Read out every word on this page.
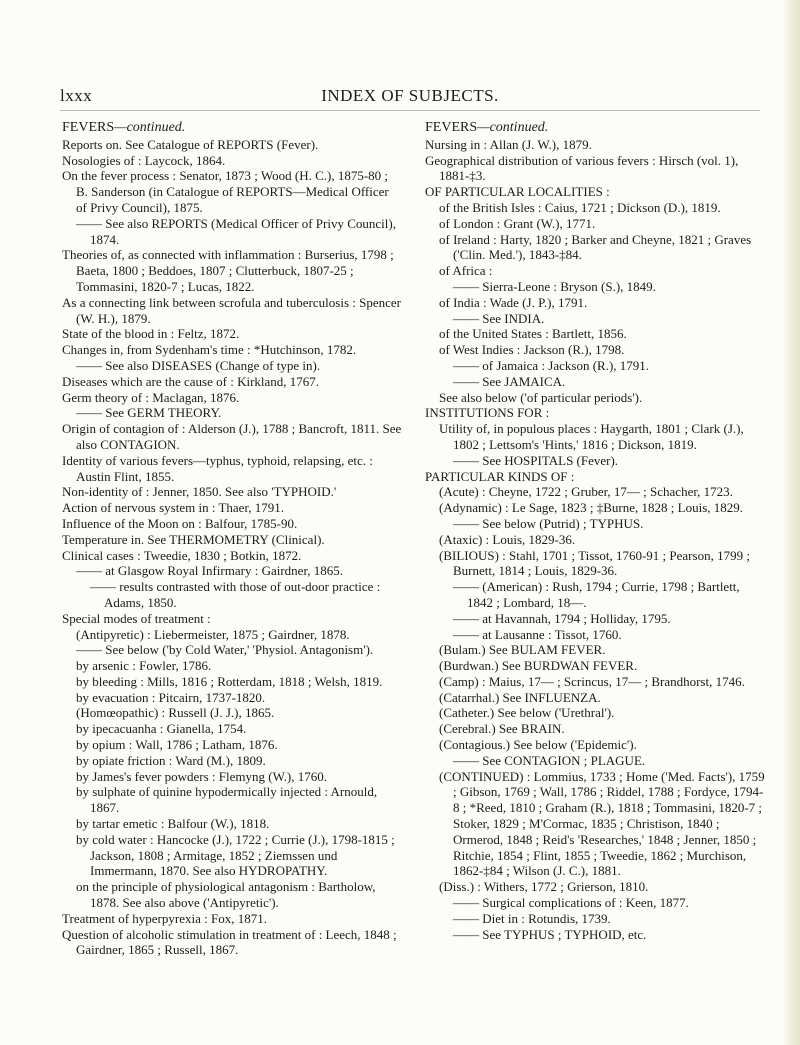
lxxx	INDEX OF SUBJECTS.
FEVERS—continued.

Reports on. See Catalogue of REPORTS (Fever).

Nosologies of : Laycock, 1864.

On the fever process : Senator, 1873 ; Wood (H. C.), 1875-80 ; B. Sanderson (in Catalogue of REPORTS—Medical Officer of Privy Council), 1875.

—— See also REPORTS (Medical Officer of Privy Council), 1874.

Theories of, as connected with inflammation : Burserius, 1798 ; Baeta, 1800 ; Beddoes, 1807 ; Clutterbuck, 1807-25 ; Tommasini, 1820-7 ; Lucas, 1822.

As a connecting link between scrofula and tuberculosis : Spencer (W. H.), 1879.

State of the blood in : Feltz, 1872.

Changes in, from Sydenham's time : *Hutchinson, 1782.

—— See also DISEASES (Change of type in).

Diseases which are the cause of : Kirkland, 1767.

Germ theory of : Maclagan, 1876.

—— See GERM THEORY.

Origin of contagion of : Alderson (J.), 1788 ; Bancroft, 1811. See also CONTAGION.

Identity of various fevers—typhus, typhoid, relapsing, etc. : Austin Flint, 1855.

Non-identity of : Jenner, 1850. See also 'TYPHOID.'

Action of nervous system in : Thaer, 1791.

Influence of the Moon on : Balfour, 1785-90.

Temperature in. See THERMOMETRY (Clinical).

Clinical cases : Tweedie, 1830 ; Botkin, 1872.

—— at Glasgow Royal Infirmary : Gairdner, 1865.

—— results contrasted with those of out-door practice : Adams, 1850.

Special modes of treatment :

(Antipyretic) : Liebermeister, 1875 ; Gairdner, 1878.

—— See below ('by Cold Water,' 'Physiol. Antagonism').

by arsenic : Fowler, 1786.

by bleeding : Mills, 1816 ; Rotterdam, 1818 ; Welsh, 1819.

by evacuation : Pitcairn, 1737-1820.

(Homœopathic) : Russell (J. J.), 1865.

by ipecacuanha : Gianella, 1754.

by opium : Wall, 1786 ; Latham, 1876.

by opiate friction : Ward (M.), 1809.

by James's fever powders : Flemyng (W.), 1760.

by sulphate of quinine hypodermically injected : Arnould, 1867.

by tartar emetic : Balfour (W.), 1818.

by cold water : Hancocke (J.), 1722 ; Currie (J.), 1798-1815 ; Jackson, 1808 ; Armitage, 1852 ; Ziemssen und Immermann, 1870. See also HYDROPATHY.

on the principle of physiological antagonism : Bartholow, 1878. See also above ('Antipyretic').

Treatment of hyperpyrexia : Fox, 1871.

Question of alcoholic stimulation in treatment of : Leech, 1848 ; Gairdner, 1865 ; Russell, 1867.

FEVERS—continued.

Nursing in : Allan (J. W.), 1879.

Geographical distribution of various fevers : Hirsch (vol. 1), 1881-‡3.

OF PARTICULAR LOCALITIES :

of the British Isles : Caius, 1721 ; Dickson (D.), 1819.

of London : Grant (W.), 1771.

of Ireland : Harty, 1820 ; Barker and Cheyne, 1821 ; Graves ('Clin. Med.'), 1843-‡84.

of Africa :

—— Sierra-Leone : Bryson (S.), 1849.

of India : Wade (J. P.), 1791.

—— See INDIA.

of the United States : Bartlett, 1856.

of West Indies : Jackson (R.), 1798.

—— of Jamaica : Jackson (R.), 1791.

—— See JAMAICA.

See also below ('of particular periods').

INSTITUTIONS FOR :

Utility of, in populous places : Haygarth, 1801 ; Clark (J.), 1802 ; Lettsom's 'Hints,' 1816 ; Dickson, 1819.

—— See HOSPITALS (Fever).

PARTICULAR KINDS OF :

(Acute) : Cheyne, 1722 ; Gruber, 17— ; Schacher, 1723.

(Adynamic) : Le Sage, 1823 ; ‡Burne, 1828 ; Louis, 1829.

—— See below (Putrid) ; TYPHUS.

(Ataxic) : Louis, 1829-36.

(BILIOUS) : Stahl, 1701 ; Tissot, 1760-91 ; Pearson, 1799 ; Burnett, 1814 ; Louis, 1829-36.

—— (American) : Rush, 1794 ; Currie, 1798 ; Bartlett, 1842 ; Lombard, 18—.

—— at Havannah, 1794 ; Holliday, 1795.

—— at Lausanne : Tissot, 1760.

(Bulam.) See BULAM FEVER.

(Burdwan.) See BURDWAN FEVER.

(Camp) : Maius, 17— ; Scrincus, 17— ; Brandhorst, 1746.

(Catarrhal.) See INFLUENZA.

(Catheter.) See below ('Urethral').

(Cerebral.) See BRAIN.

(Contagious.) See below ('Epidemic').

—— See CONTAGION ; PLAGUE.

(CONTINUED) : Lommius, 1733 ; Home ('Med. Facts'), 1759 ; Gibson, 1769 ; Wall, 1786 ; Riddel, 1788 ; Fordyce, 1794-8 ; *Reed, 1810 ; Graham (R.), 1818 ; Tommasini, 1820-7 ; Stoker, 1829 ; M'Cormac, 1835 ; Christison, 1840 ; Ormerod, 1848 ; Reid's 'Researches,' 1848 ; Jenner, 1850 ; Ritchie, 1854 ; Flint, 1855 ; Tweedie, 1862 ; Murchison, 1862-‡84 ; Wilson (J. C.), 1881.

(Diss.) : Withers, 1772 ; Grierson, 1810.

—— Surgical complications of : Keen, 1877.

—— Diet in : Rotundis, 1739.

—— See TYPHUS ; TYPHOID, etc.
